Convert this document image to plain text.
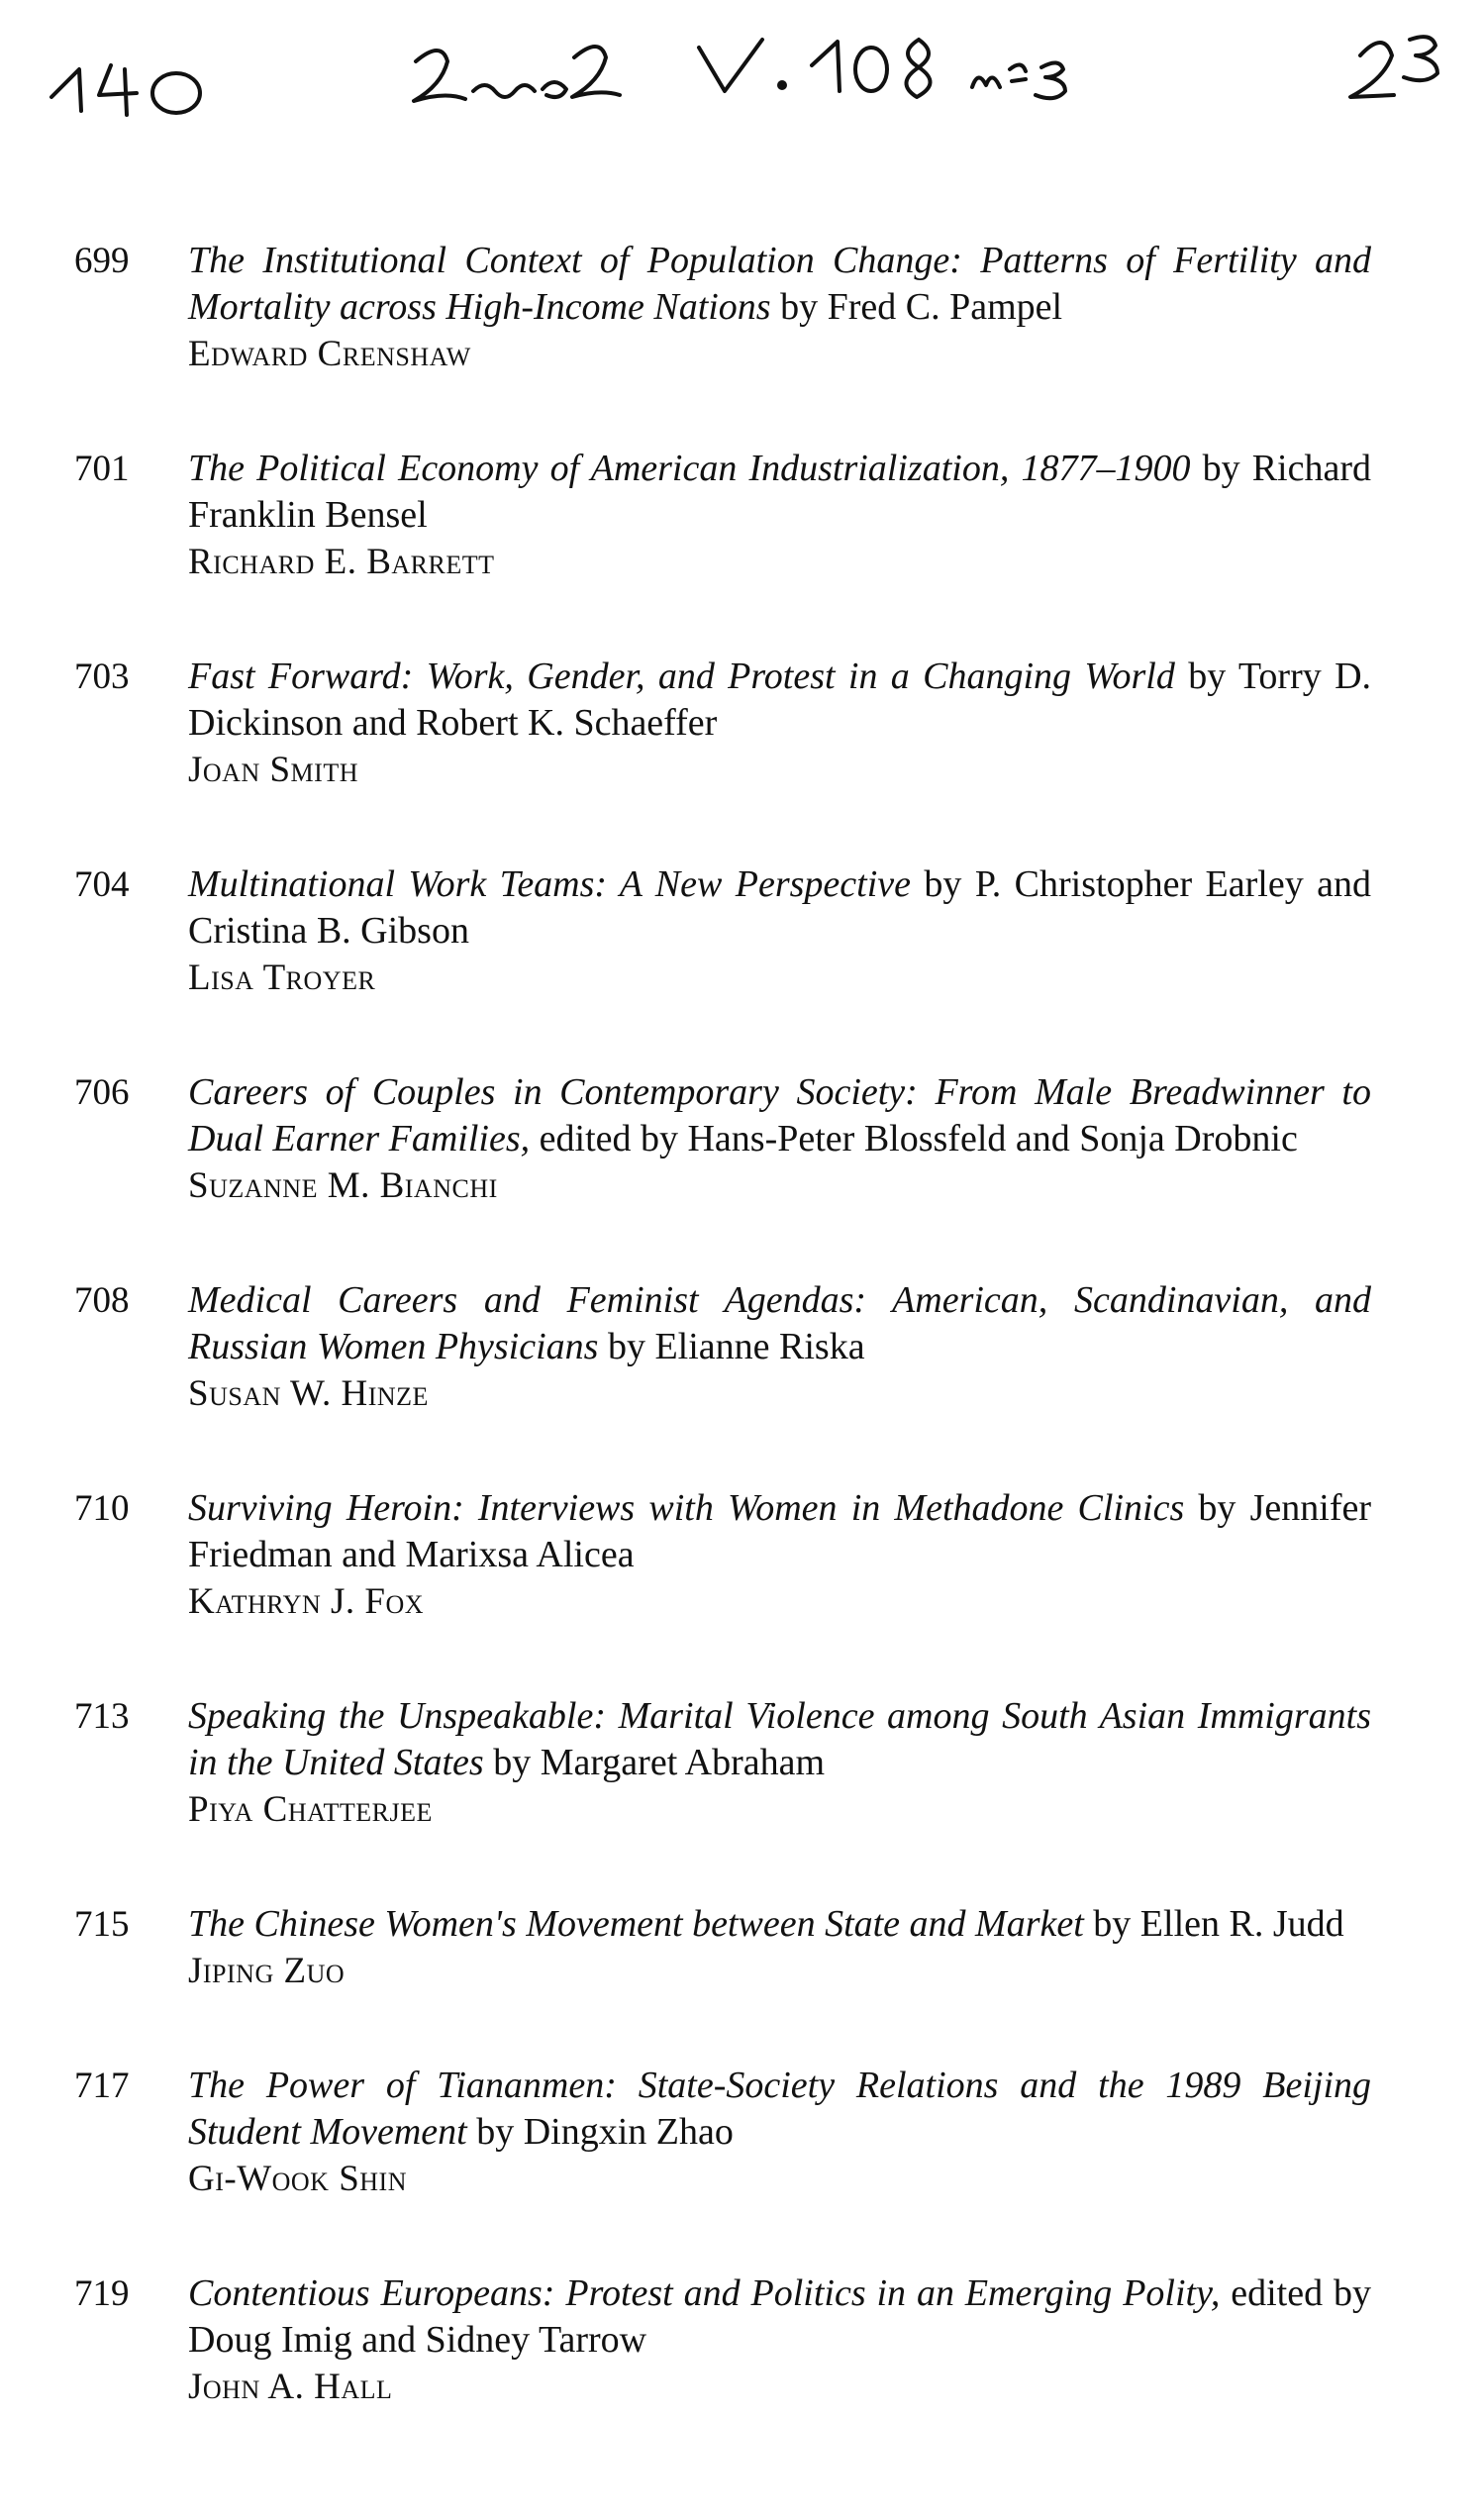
699	The Institutional Context of Population Change: Patterns of Fertility and Mortality across High-Income Nations by Fred C. Pampel
Edward Crenshaw
701	The Political Economy of American Industrialization, 1877–1900 by Richard Franklin Bensel
Richard E. Barrett
703	Fast Forward: Work, Gender, and Protest in a Changing World by Torry D. Dickinson and Robert K. Schaeffer
Joan Smith
704	Multinational Work Teams: A New Perspective by P. Christopher Earley and Cristina B. Gibson
Lisa Troyer
706	Careers of Couples in Contemporary Society: From Male Breadwinner to Dual Earner Families, edited by Hans-Peter Blossfeld and Sonja Drobnic
Suzanne M. Bianchi
708	Medical Careers and Feminist Agendas: American, Scandinavian, and Russian Women Physicians by Elianne Riska
Susan W. Hinze
710	Surviving Heroin: Interviews with Women in Methadone Clinics by Jennifer Friedman and Marixsa Alicea
Kathryn J. Fox
713	Speaking the Unspeakable: Marital Violence among South Asian Immigrants in the United States by Margaret Abraham
Piya Chatterjee
715	The Chinese Women's Movement between State and Market by Ellen R. Judd
Jiping Zuo
717	The Power of Tiananmen: State-Society Relations and the 1989 Beijing Student Movement by Dingxin Zhao
Gi-Wook Shin
719	Contentious Europeans: Protest and Politics in an Emerging Polity, edited by Doug Imig and Sidney Tarrow
John A. Hall
